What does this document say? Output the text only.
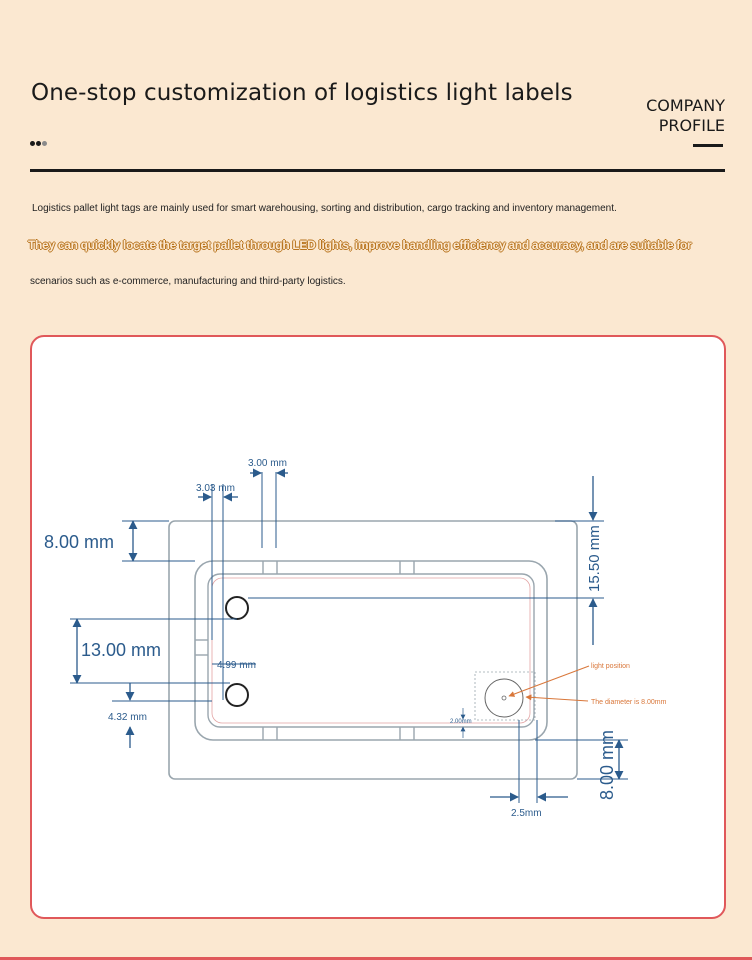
One-stop customization of logistics light labels	COMPANY
PROFILE
Logistics pallet light tags are mainly used for smart warehousing, sorting and distribution, cargo tracking and inventory management.
They can quickly locate the target pallet through LED lights, improve handling efficiency and accuracy, and are suitable for
scenarios such as e-commerce, manufacturing and third-party logistics.
3.03 mm
3.00 mm
8.00 mm
13.00 mm
4.99 mm
4.32 mm	2.00mm
2.5mm
15.50 mm
8.00 mm
light position
The diameter is 8.00mm
